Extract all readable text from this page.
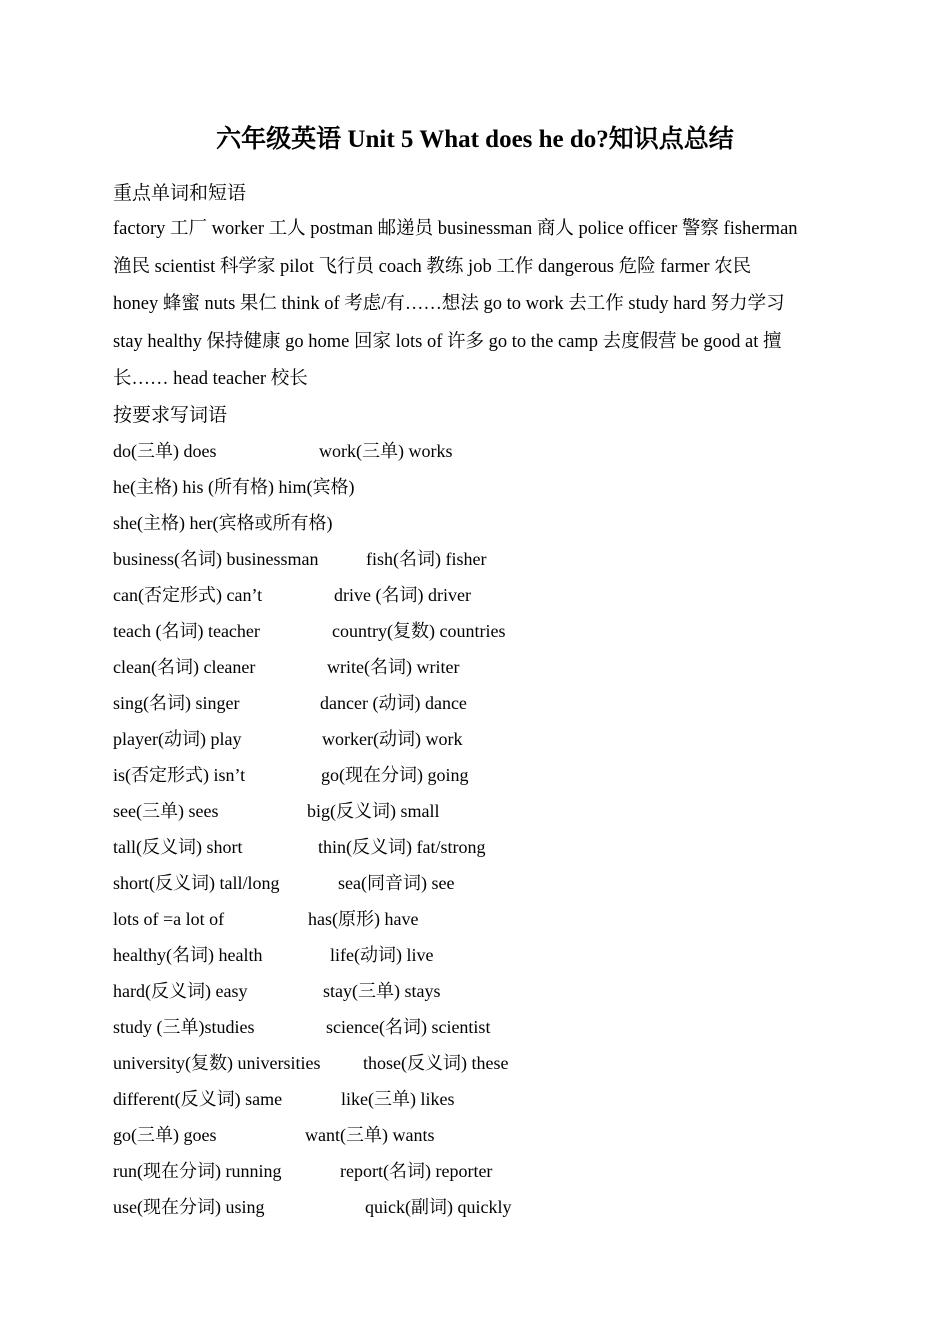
六年级英语 Unit 5 What does he do?知识点总结
重点单词和短语
factory 工厂 worker 工人 postman 邮递员 businessman 商人 police officer 警察 fisherman
渔民 scientist 科学家 pilot 飞行员 coach 教练 job 工作 dangerous 危险 farmer 农民
honey 蜂蜜 nuts 果仁 think of 考虑/有……想法 go to work 去工作 study hard 努力学习
stay healthy 保持健康 go home 回家 lots of 许多 go to the camp 去度假营 be good at 擅
长…… head teacher 校长
按要求写词语
do(三单) does	work(三单) works
he(主格) his (所有格) him(宾格)
she(主格) her(宾格或所有格)
business(名词) businessman	fish(名词) fisher
can(否定形式) can’t	drive (名词) driver
teach (名词) teacher	country(复数) countries
clean(名词) cleaner	write(名词) writer
sing(名词) singer	dancer (动词) dance
player(动词) play	worker(动词) work
is(否定形式) isn’t	go(现在分词) going
see(三单) sees	big(反义词) small
tall(反义词) short	thin(反义词) fat/strong
short(反义词) tall/long	sea(同音词) see
lots of =a lot of	has(原形) have
healthy(名词) health	life(动词) live
hard(反义词) easy	stay(三单) stays
study (三单)studies	science(名词) scientist
university(复数) universities those(反义词) these
different(反义词) same	like(三单) likes
go(三单) goes	want(三单) wants
run(现在分词) running	report(名词) reporter
use(现在分词) using	quick(副词) quickly
